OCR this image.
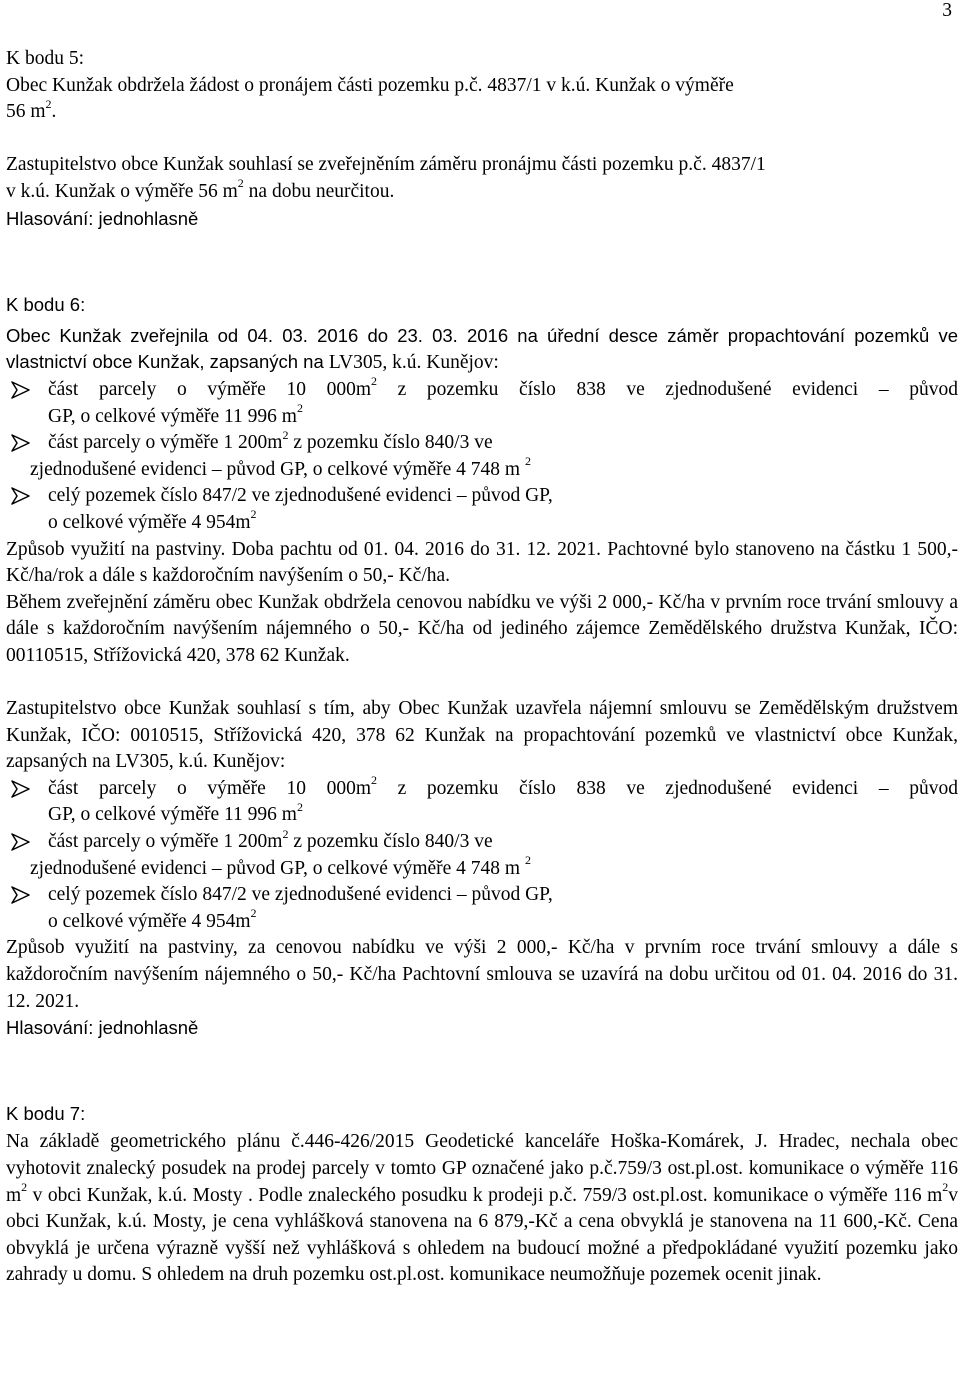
3

K bodu 5:

Obec Kunžak obdržela žádost o pronájem části pozemku p.č. 4837/1 v k.ú. Kunžak o výměře
56 $m^2$.

Zastupitelstvo obce Kunžak souhlasí se zveřejněním záměru pronájmu části pozemku p.č. 4837/1
v k.ú. Kunžak o výměře 56 $m^2$ na dobu neurčitou.

Hlasování: jednohlasně

K bodu 6:

Obec Kunžak zveřejnila od 04. 03. 2016 do 23. 03. 2016 na úřední desce záměr propachtování pozemků ve vlastnictví obce Kunžak, zapsaných na LV305, k.ú. Kunějov:

část parcely o výměře 10 $000m^2$ z pozemku číslo 838 ve zjednodušené evidenci – původ
GP, o celkové výměře 11 996 $m^2$
část parcely o výměře 1 $200m^2$ z pozemku číslo 840/3 ve
zjednodušené evidenci – původ GP, o celkové výměře 4 748 m $^2$
celý pozemek číslo 847/2 ve zjednodušené evidenci – původ GP,
o celkové výměře 4 $954m^2$

Způsob využití na pastviny. Doba pachtu od 01. 04. 2016 do 31. 12. 2021. Pachtovné bylo stanoveno na částku 1 500,- Kč/ha/rok a dále s každoročním navýšením o 50,- Kč/ha.

Během zveřejnění záměru obec Kunžak obdržela cenovou nabídku ve výši 2 000,- Kč/ha v prvním roce trvání smlouvy a dále s každoročním navýšením nájemného o 50,- Kč/ha od jediného zájemce Zemědělského družstva Kunžak, IČO: 00110515, Střížovická 420, 378 62 Kunžak.

Zastupitelstvo obce Kunžak souhlasí s tím, aby Obec Kunžak uzavřela nájemní smlouvu se Zemědělským družstvem Kunžak, IČO: 0010515, Střížovická 420, 378 62 Kunžak na propachtování pozemků ve vlastnictví obce Kunžak, zapsaných na LV305, k.ú. Kunějov:

část parcely o výměře 10 $000m^2$ z pozemku číslo 838 ve zjednodušené evidenci – původ
GP, o celkové výměře 11 996 $m^2$
část parcely o výměře 1 $200m^2$ z pozemku číslo 840/3 ve
zjednodušené evidenci – původ GP, o celkové výměře 4 748 m $^2$
celý pozemek číslo 847/2 ve zjednodušené evidenci – původ GP,
o celkové výměře 4 $954m^2$

Způsob využití na pastviny, za cenovou nabídku ve výši 2 000,- Kč/ha v prvním roce trvání smlouvy a dále s každoročním navýšením nájemného o 50,- Kč/ha Pachtovní smlouva se uzavírá na dobu určitou od 01. 04. 2016 do 31. 12. 2021.

Hlasování: jednohlasně

K bodu 7:

Na základě geometrického plánu č.446-426/2015 Geodetické kanceláře Hoška-Komárek, J. Hradec, nechala obec vyhotovit znalecký posudek na prodej parcely v tomto GP označené jako p.č.759/3 ost.pl.ost. komunikace o výměře 116 $m^2$ v obci Kunžak, k.ú. Mosty . Podle znaleckého posudku k prodeji p.č. 759/3 ost.pl.ost. komunikace o výměře 116 $m^2v$ obci Kunžak, k.ú. Mosty, je cena vyhlášková stanovena na 6 879,-Kč a cena obvyklá je stanovena na 11 600,-Kč. Cena obvyklá je určena výrazně vyšší než vyhlášková s ohledem na budoucí možné a předpokládané využití pozemku jako zahrady u domu. S ohledem na druh pozemku ost.pl.ost. komunikace neumožňuje pozemek ocenit jinak.
